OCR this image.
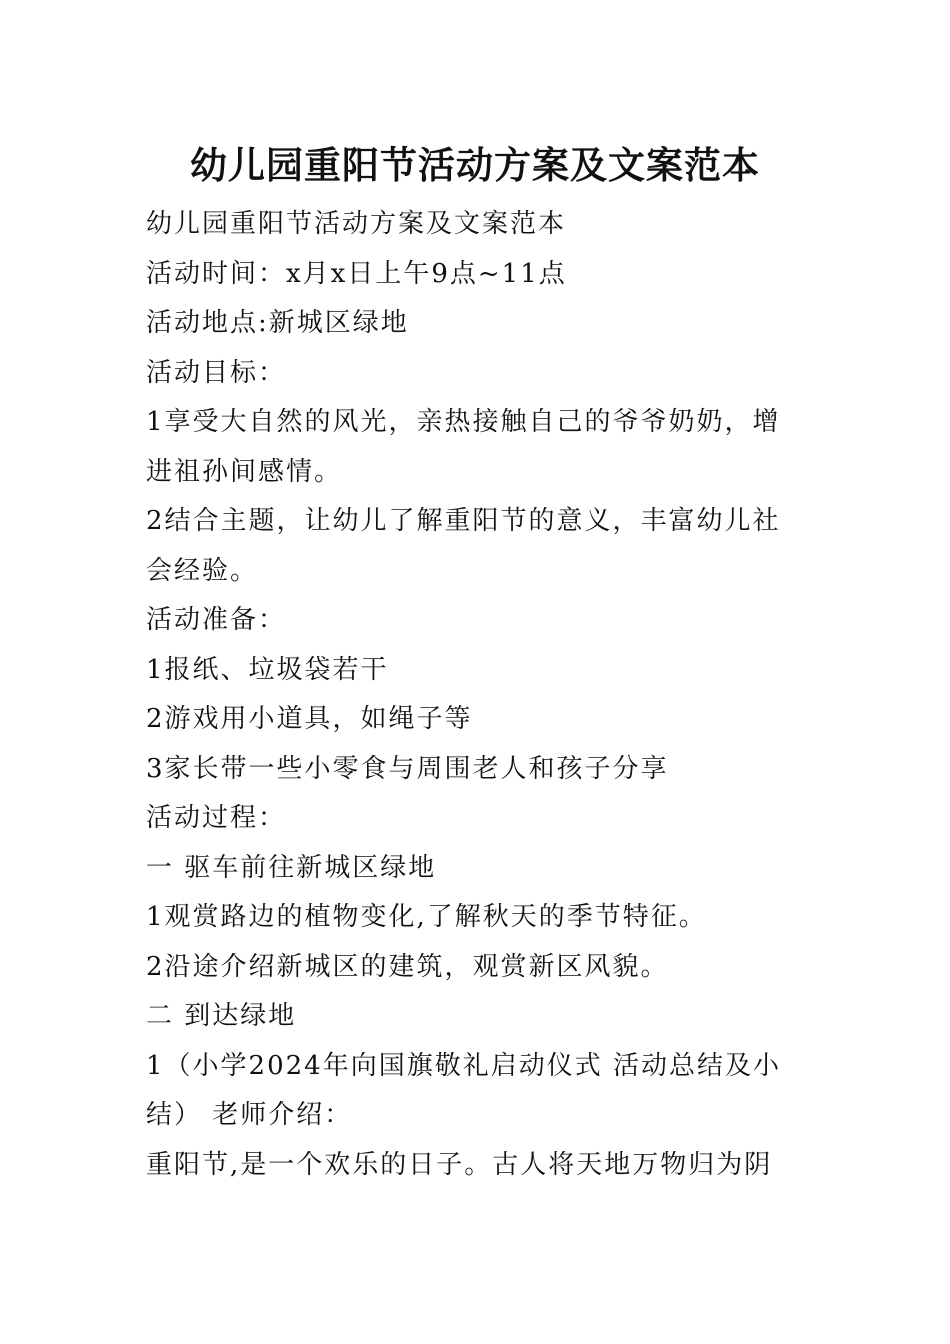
幼儿园重阳节活动方案及文案范本

幼儿园重阳节活动方案及文案范本

活动时间：x月x日上午9点~11点

活动地点:新城区绿地

活动目标：

1享受大自然的风光，亲热接触自己的爷爷奶奶，增

进祖孙间感情。

2结合主题，让幼儿了解重阳节的意义，丰富幼儿社

会经验。

活动准备：

1报纸、垃圾袋若干

2游戏用小道具，如绳子等

3家长带一些小零食与周围老人和孩子分享

活动过程：

一 驱车前往新城区绿地

1观赏路边的植物变化,了解秋天的季节特征。

2沿途介绍新城区的建筑，观赏新区风貌。

二 到达绿地

1（小学2024年向国旗敬礼启动仪式 活动总结及小

结） 老师介绍：

重阳节,是一个欢乐的日子。古人将天地万物归为阴
